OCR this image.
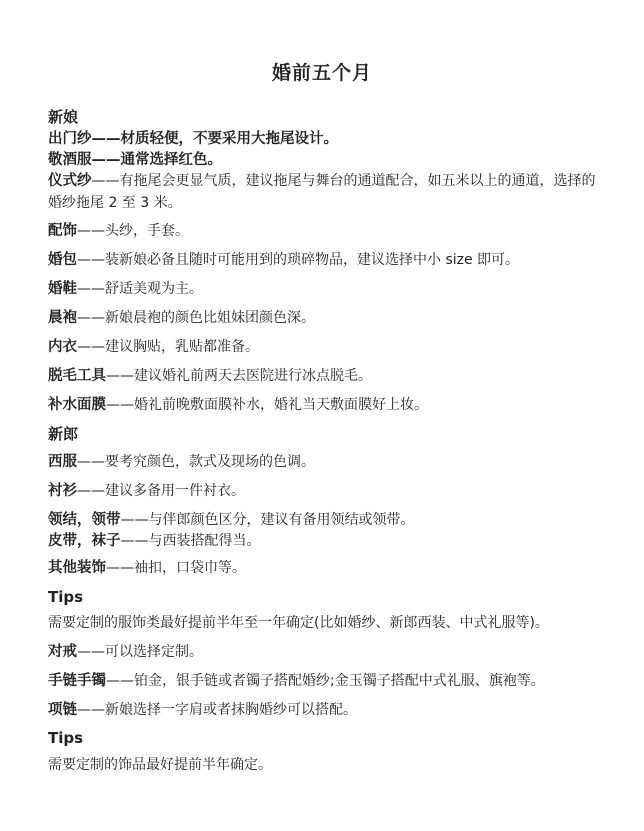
婚前五个月
新娘
出门纱——材质轻便，不要采用大拖尾设计。
敬酒服——通常选择红色。
仪式纱——有拖尾会更显气质，建议拖尾与舞台的通道配合，如五米以上的通道，选择的婚纱拖尾 2 至 3 米。
配饰——头纱，手套。
婚包——装新娘必备且随时可能用到的琐碎物品，建议选择中小 size 即可。
婚鞋——舒适美观为主。
晨袍——新娘晨袍的颜色比姐妹团颜色深。
内衣——建议胸贴，乳贴都准备。
脱毛工具——建议婚礼前两天去医院进行冰点脱毛。
补水面膜——婚礼前晚敷面膜补水，婚礼当天敷面膜好上妆。
新郎
西服——要考究颜色，款式及现场的色调。
衬衫——建议多备用一件衬衣。
领结，领带——与伴郎颜色区分，建议有备用领结或领带。
皮带，袜子——与西装搭配得当。
其他装饰——袖扣，口袋巾等。
Tips
需要定制的服饰类最好提前半年至一年确定(比如婚纱、新郎西装、中式礼服等)。
对戒——可以选择定制。
手链手镯——铂金，银手链或者镯子搭配婚纱;金玉镯子搭配中式礼服、旗袍等。
项链——新娘选择一字肩或者抹胸婚纱可以搭配。
Tips
需要定制的饰品最好提前半年确定。
